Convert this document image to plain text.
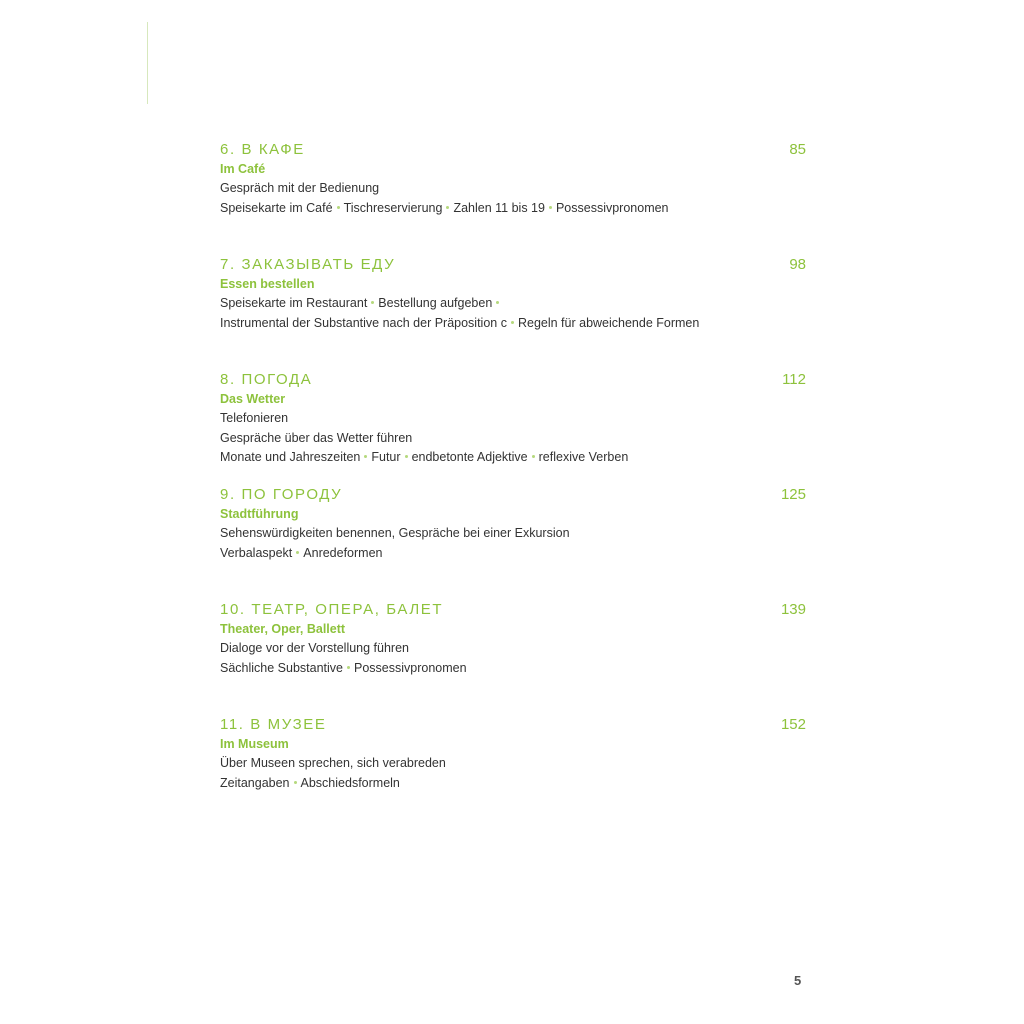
6. В КАФЕ	85
Im Café
Gespräch mit der Bedienung
Speisekarte im Café Tischreservierung Zahlen 11 bis 19 Possessivpronomen
7. ЗАКАЗЫВАТЬ ЕДУ	98
Essen bestellen
Speisekarte im Restaurant Bestellung aufgeben
Instrumental der Substantive nach der Präposition с Regeln für abweichende Formen
8. ПОГОДА	112
Das Wetter
Telefonieren
Gespräche über das Wetter führen
Monate und Jahreszeiten Futur endbetonte Adjektive reflexive Verben
9. ПО ГОРОДУ	125
Stadtführung
Sehenswürdigkeiten benennen, Gespräche bei einer Exkursion
Verbalaspekt Anredeformen
10. ТЕАТР, ОПЕРА, БАЛЕТ	139
Theater, Oper, Ballett
Dialoge vor der Vorstellung führen
Sächliche Substantive Possessivpronomen
11. В МУЗЕЕ	152
Im Museum
Über Museen sprechen, sich verabreden
Zeitangaben Abschiedsformeln
5
